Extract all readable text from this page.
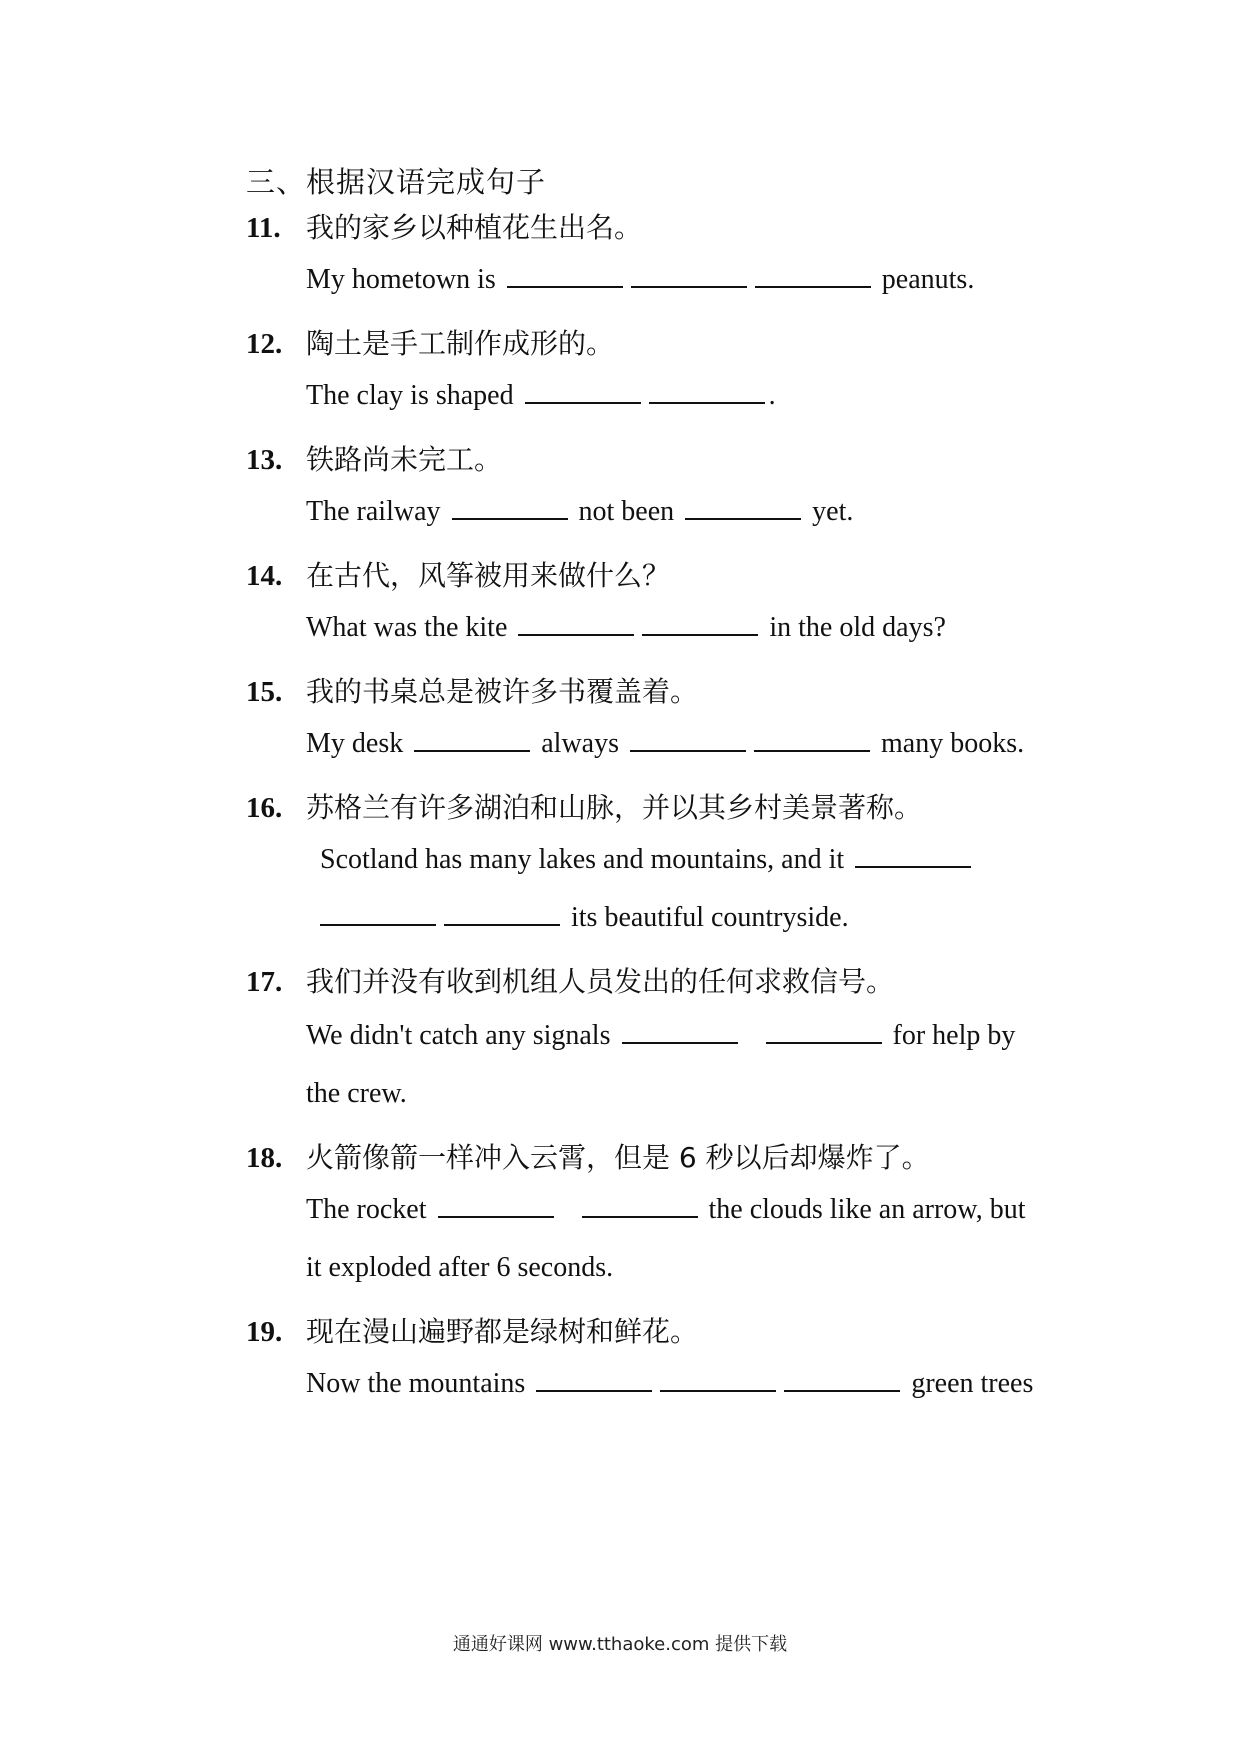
三、根据汉语完成句子
11. 我的家乡以种植花生出名。
My hometown is	peanuts.
12. 陶土是手工制作成形的。
The clay is shaped	.
13. 铁路尚未完工。
The railway	not been	yet.
14. 在古代，风筝被用来做什么？
What was the kite	in the old days?
15. 我的书桌总是被许多书覆盖着。
My desk	always	many books.
16. 苏格兰有许多湖泊和山脉，并以其乡村美景著称。
Scotland has many lakes and mountains, and it
its beautiful countryside.
17. 我们并没有收到机组人员发出的任何求救信号。
We didn't catch any signals	for help by
the crew.
18. 火箭像箭一样冲入云霄，但是 6 秒以后却爆炸了。
The rocket	the clouds like an arrow, but
it exploded after 6 seconds.
19. 现在漫山遍野都是绿树和鲜花。
Now the mountains	green trees
通通好课网 www.tthaoke.com 提供下载
